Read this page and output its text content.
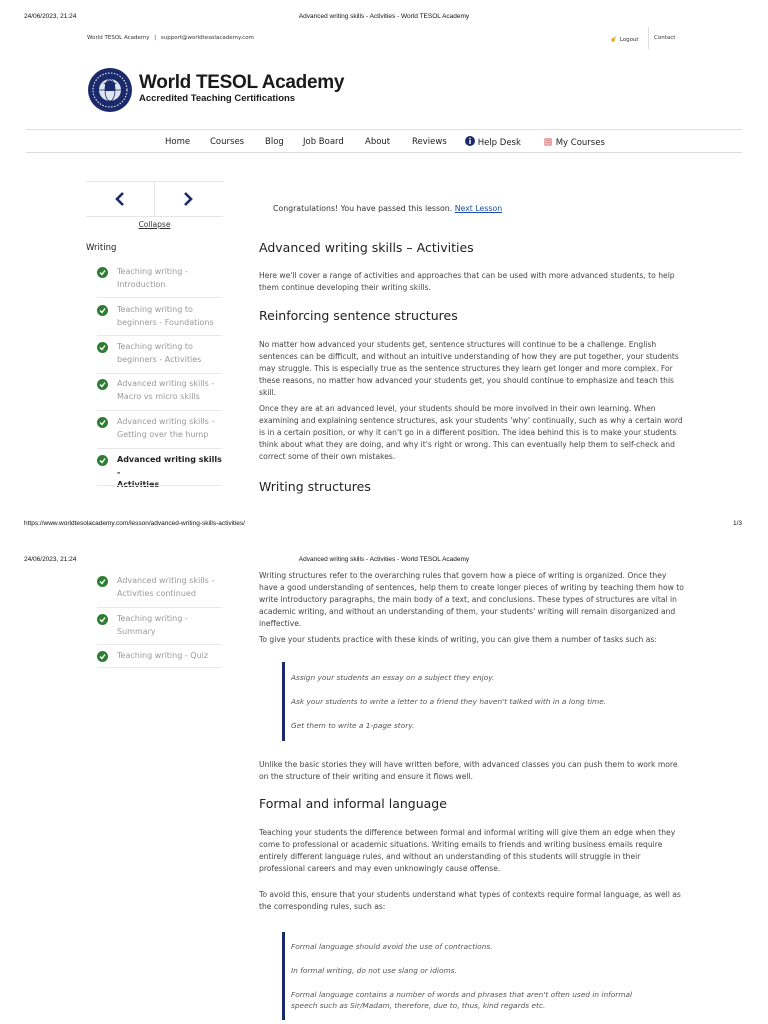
24/06/2023, 21:24	Advanced writing skills - Activities - World TESOL Academy
World TESOL Academy | support@worldtesolacademy.com	Logout	Contact
World TESOL Academy
Accredited Teaching Certifications
Home Courses Blog Job Board About	Reviews	Help Desk	My Courses
Collapse
Writing
Teaching writing -
Introduction
Teaching writing to
beginners - Foundations
Teaching writing to
beginners - Activities
Advanced writing skills -
Macro vs micro skills
Advanced writing skills -
Getting over the hump
Advanced writing skills -

Congratulations! You have passed this lesson. Next Lesson
Advanced writing skills – Activities

Here we'll cover a range of activities and approaches that can be used with more advanced students, to help them continue developing their writing skills.

Reinforcing sentence structures

No matter how advanced your students get, sentence structures will continue to be a challenge. English sentences can be difficult, and without an intuitive understanding of how they are put together, your students may struggle. This is especially true as the sentence structures they learn get longer and more complex. For these reasons, no matter how advanced your students get, you should continue to emphasize and teach this skill.

Once they are at an advanced level, your students should be more involved in their own learning. When examining and explaining sentence structures, ask your students 'why' continually, such as why a certain word is in a certain position, or why it can't go in a different position. The idea behind this is to make your students think about what they are doing, and why it's right or wrong. This can eventually help them to self-check and correct some of their own mistakes.

Writing structures
https://www.worldtesolacademy.com/lesson/advanced-writing-skills-activities/	1/3
24/06/2023, 21:24	Advanced writing skills - Activities - World TESOL Academy
Advanced writing skills -
Activities continued
Teaching writing -
Summary
Teaching writing - Quiz

Writing structures refer to the overarching rules that govern how a piece of writing is organized. Once they have a good understanding of sentences, help them to create longer pieces of writing by teaching them how to write introductory paragraphs, the main body of a text, and conclusions. These types of structures are vital in academic writing, and without an understanding of them, your students' writing will remain disorganized and ineffective.

To give your students practice with these kinds of writing, you can give them a number of tasks such as:

Assign your students an essay on a subject they enjoy.
Ask your students to write a letter to a friend they haven't talked with in a long time.
Get them to write a 1-page story.

Unlike the basic stories they will have written before, with advanced classes you can push them to work more on the structure of their writing and ensure it flows well.

Formal and informal language

Teaching your students the difference between formal and informal writing will give them an edge when they come to professional or academic situations. Writing emails to friends and writing business emails require entirely different language rules, and without an understanding of this students will struggle in their professional careers and may even unknowingly cause offense.

To avoid this, ensure that your students understand what types of contexts require formal language, as well as the corresponding rules, such as:

Formal language should avoid the use of contractions.
In formal writing, do not use slang or idioms.
Formal language contains a number of words and phrases that aren't often used in informal speech such as Sir/Madam, therefore, due to, thus, kind regards etc.
